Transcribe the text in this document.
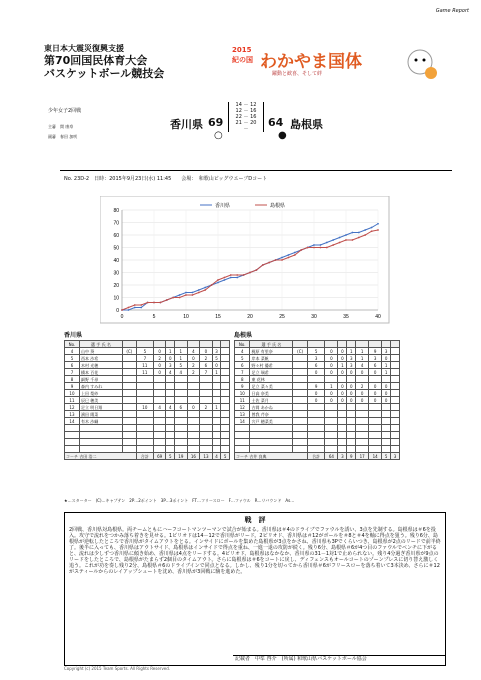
Game Report
東日本大震災復興支援
第70回国民体育大会
バスケットボール競技会
2015
紀の国 わかやま国体
躍動と歓喜、そして絆
少年女子2回戦
主審　 関 康寿
副審　 春田 加咲
香川県 69
○
14 － 12
12 － 16
22 － 16
21 － 20
－	64 島根県
●
No. 23D-2　日時：2015年9月23日(水) 11:45　　会場：　和歌山ビッグウエーブDコート
0
10
20
30
40
50
60
70
80
0	5	10	15	20	25	30	35	40
香川県	島根県
香川県	島根県
No.	選 手 氏 名									
4	山中 葵	(C)	5	0	1	1	4	0	3	
5	西本 沙希		7	2	0	1	0	2	5	
6	木村 光穂		11	0	3	5	2	6	0	
7	橋本 百花		11	0	4	4	2	7	1	
8	細野 千尋									
9	森内 すみれ									
10	上田 梨紗									
11	辰巳 穂美									
12	足立 明日翔		10	4	4	6	0	2	1	
13	濱田 陽菜									
14	有木 沙織									

コーチ 吉田 浩二			合計	69	5	19	16	13	4	5
No.	選 手 氏 名									
4	梶原 有里奈	(C)	5	0	0	1	1	9	3	
5	岸本 菜帆		3	0	0	3	1	3	0	
6	野々村 優希		6	0	1	3	4	6	1	
7	足立 瑞希		0	0	0	0	0	0	1	
8	東 花林									
9	足立 菜々美		9	1	0	0	2	0	0	
10	日高 奈美		0	0	0	0	0	0	0	
11	土佐 菜月		0	0	0	0	0	0	0	
12	吉岡 あかね									
13	曽我 芹奈									
14	宍戸 穂菜美									

コーチ 吉井 良典			合計	64	3	9	17	14	5	3
★…スターター　(C)…キャプテン　2P…2ポイント　3P…3ポイント　FT…フリースロー　F…ファウル　R…リバウンド　As…
戦　評
2回戦、香川県対島根県。両チームともにハーフコートマンツーマンで試合が始まる。香川県は＃4のドライブでファウルを誘い、3点を先制する。島根県は＃6を投入。攻守で流れをつかみ落ち着きを見せる。1ピリオドは14－12で香川県がリード。2ピリオド、香川県は＃12がボールを＃8と＃4を軸に得点を狙う。残り6分、島根県が逆転したところで香川県がタイムアウトをとる。インサイドにボールを集めた島根県が3点をかさね、香川県も3Pでくらいつき、島根県が2点のリードで前半終了。後半に入っても、香川県はアウトサイド、島根県はインサイドで得点を重ね、一進一退の攻防が続く。残り6分、島根県＃6が4つ目のファウルでベンチに下がると、流れは少しずつ香川県に傾き始め、香川県は4点をリードする。4ピリオド、島根県はなかなか、香川県の31－1対1で止められない。残り4分過ぎ香川県が9点のリードをしたところで、島根県がたまらず2個目のタイムアウト。さらに島根県は＃6をコートに戻し、ディフェンスもオールコートのゾーンプレスに切り替え激しく追う。これが功を奏し残り2分、島根県＃6のドライブインで同点となる。しかし、残り1分を切ってから香川県＃6がフリースローを落ち着いて3本決め、さらに＃12がスティールからのレイアップシュートを沈め、香川県が3回戦に駒を進めた。
記載者　 中峯 啓介　 (所属) 和歌山県バスケットボール協会
Copyright (c) 2015 Team Sports. All Rights Reserved.
